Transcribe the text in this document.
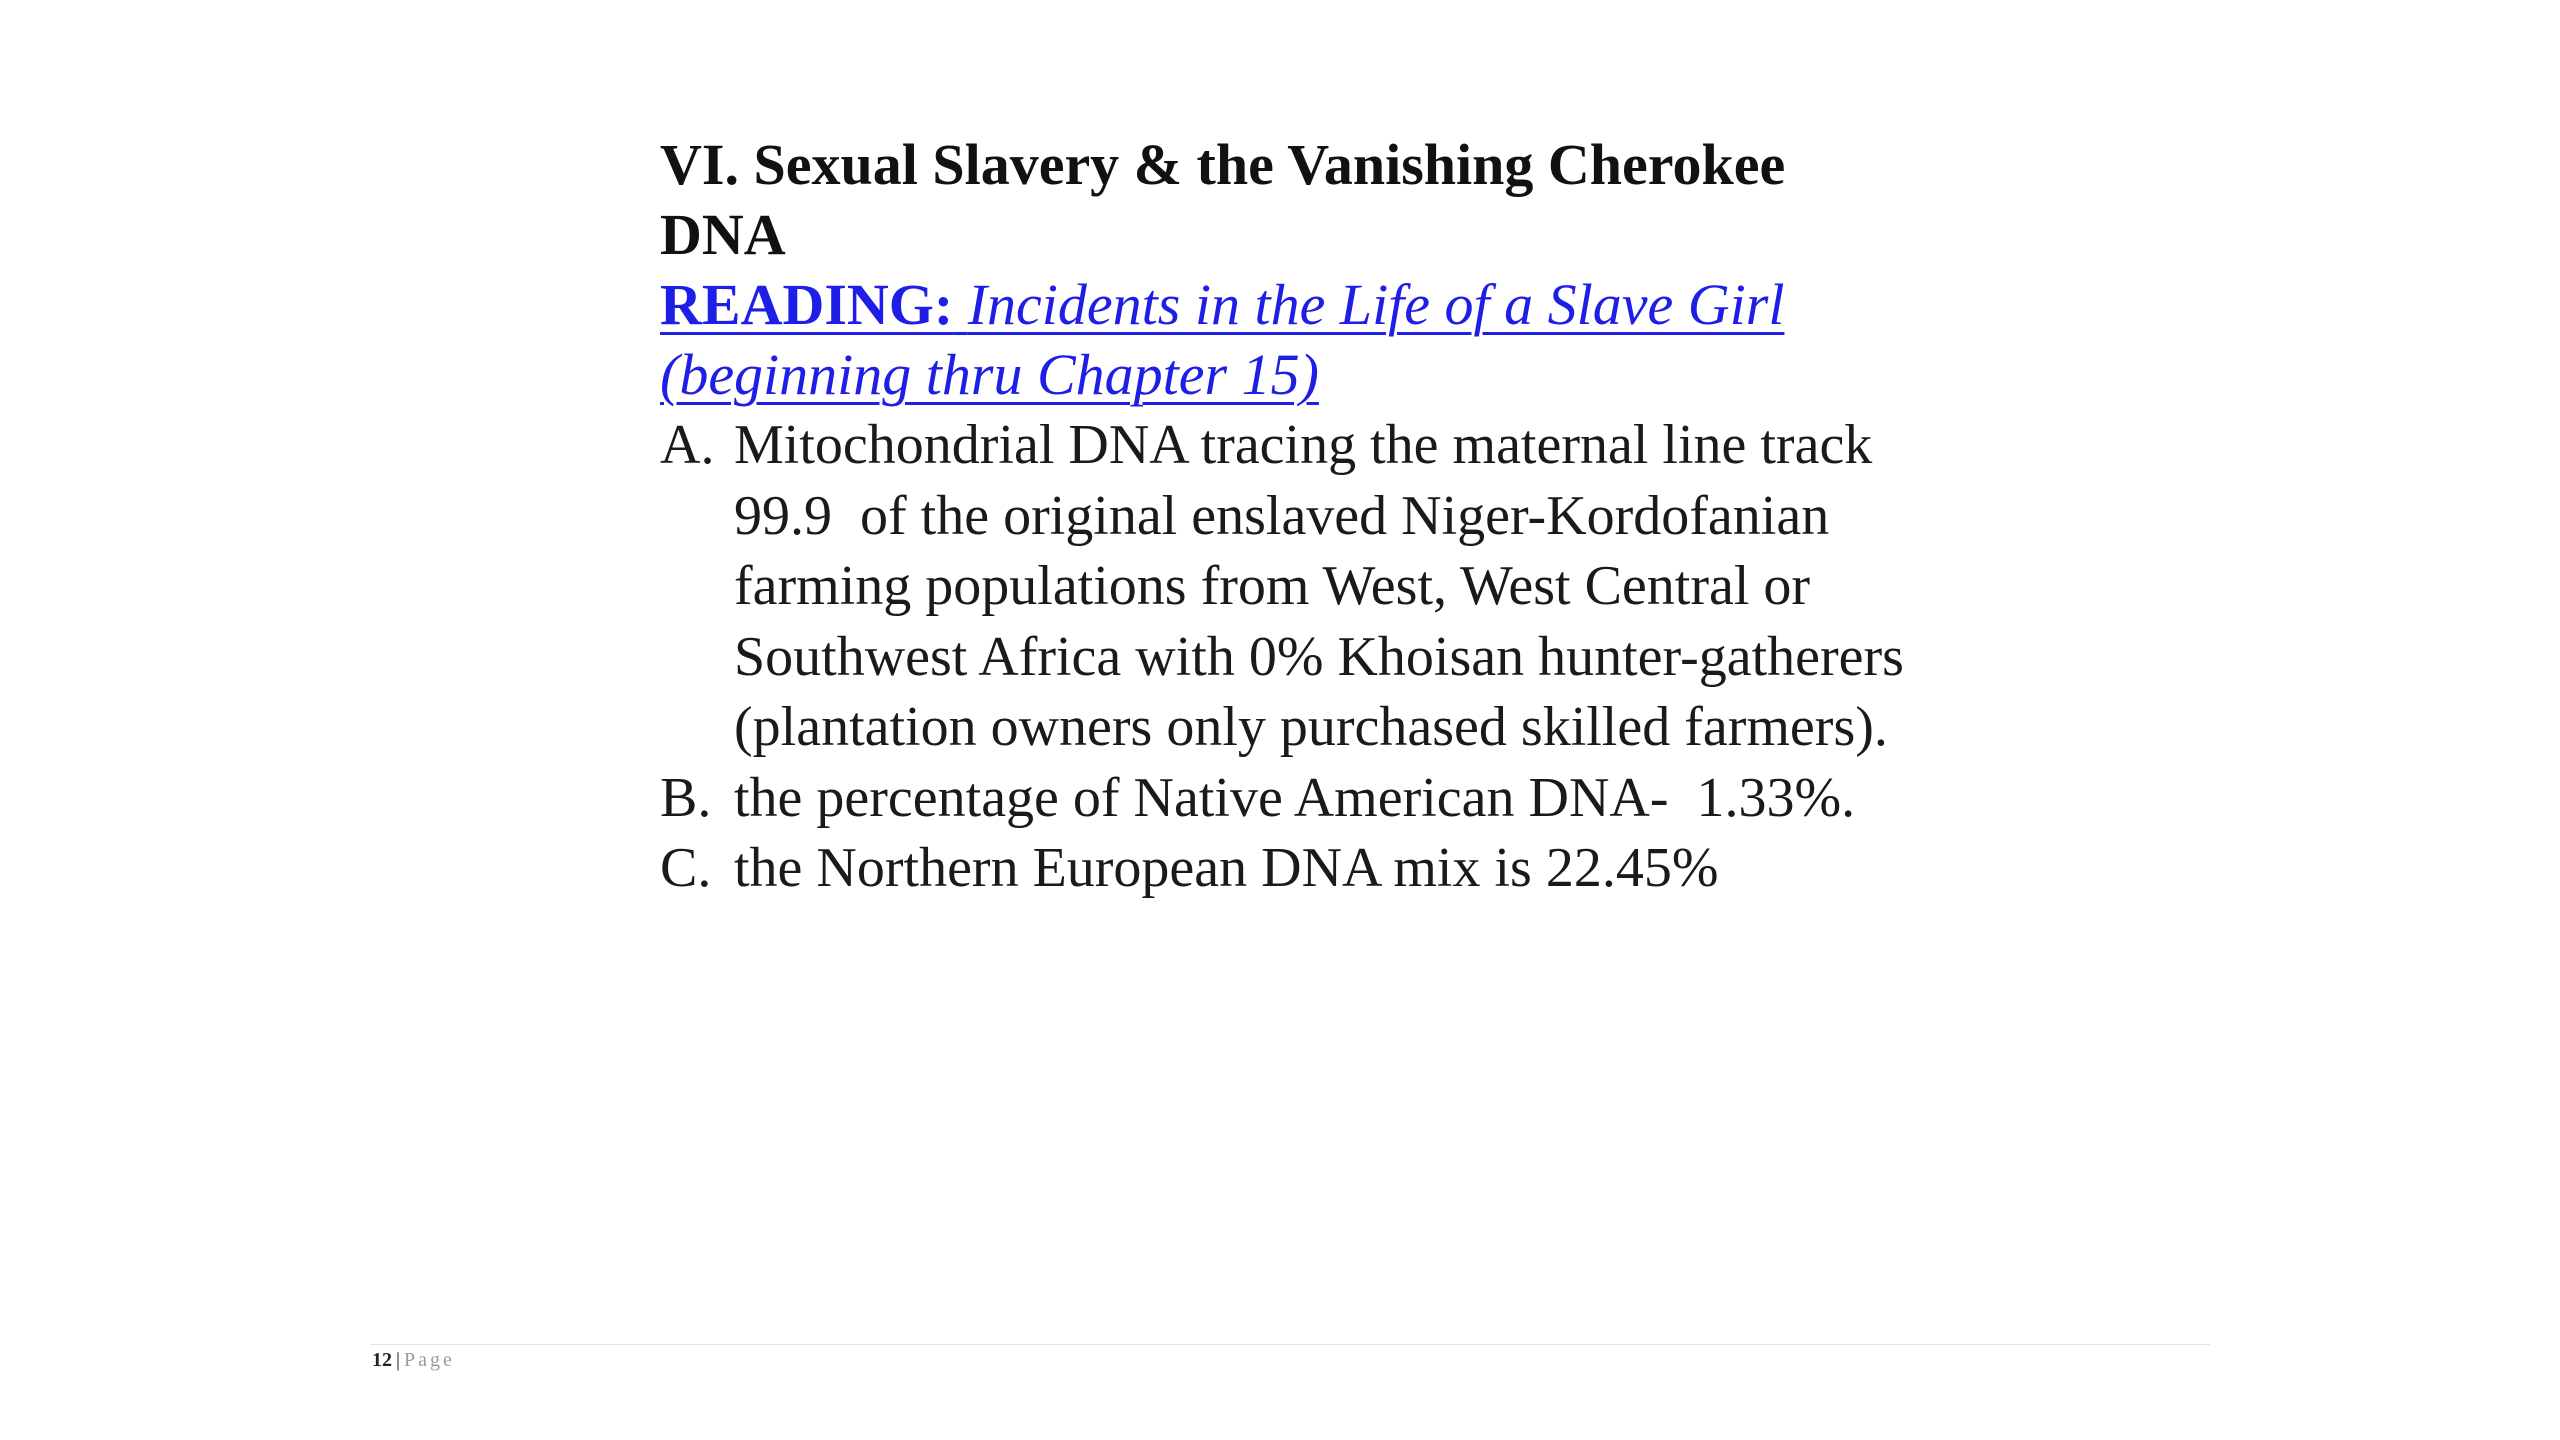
VI. Sexual Slavery & the Vanishing Cherokee DNA
READING: Incidents in the Life of a Slave Girl (beginning thru Chapter 15)
A. Mitochondrial DNA tracing the maternal line track 99.9  of the original enslaved Niger-Kordofanian farming populations from West, West Central or Southwest Africa with 0% Khoisan hunter-gatherers (plantation owners only purchased skilled farmers).
B. the percentage of Native American DNA-  1.33%.
C. the Northern European DNA mix is 22.45%
12 | Page
